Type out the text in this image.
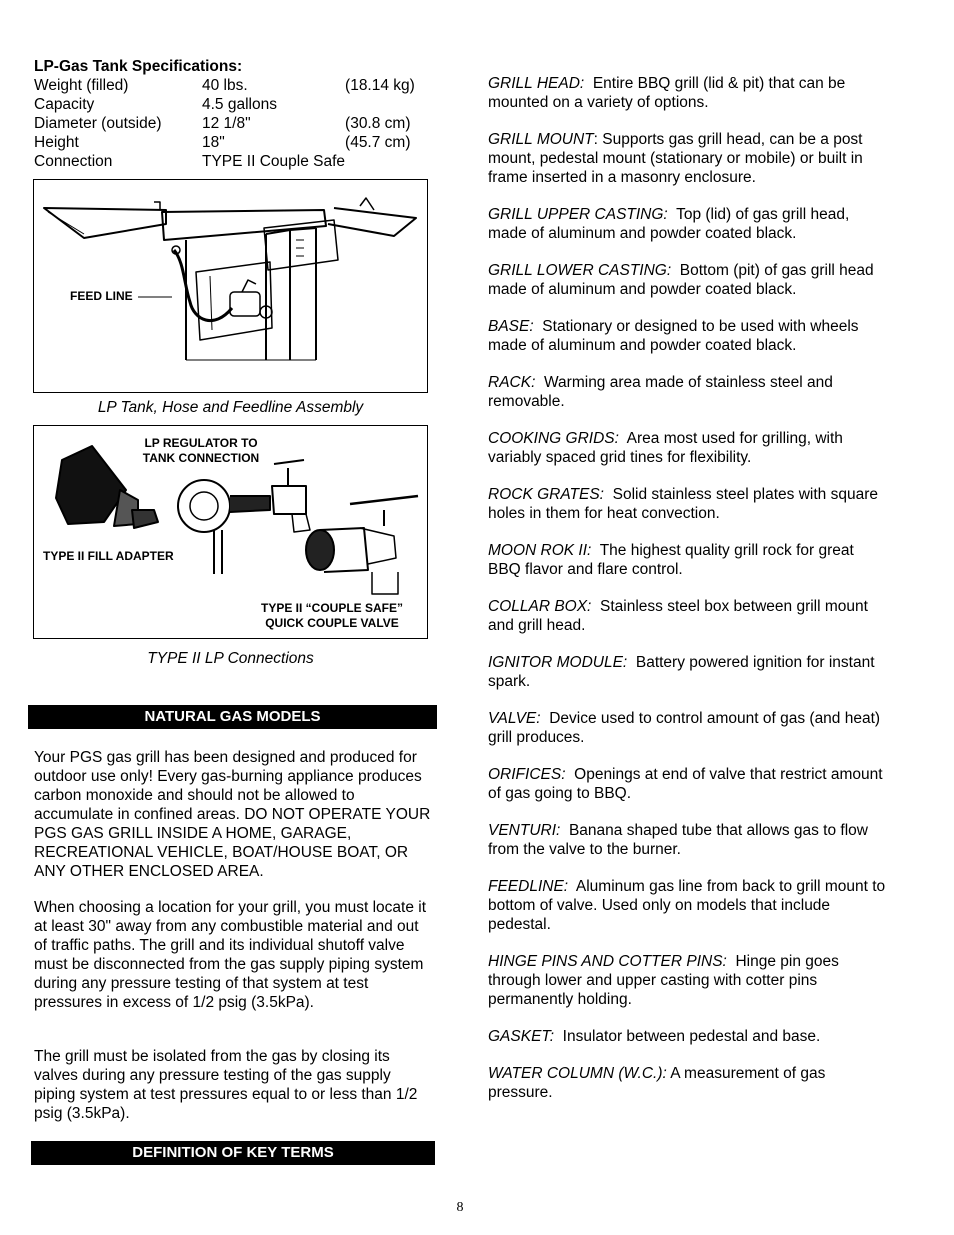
LP-Gas Tank Specifications:
Weight (filled)	40 lbs.	(18.14 kg)
Capacity	4.5 gallons	
Diameter (outside)	12 1/8"	(30.8 cm)
Height	18"	(45.7 cm)
Connection	TYPE II Couple Safe	
FEED LINE
LP Tank, Hose and Feedline Assembly
LP REGULATOR TO
TANK CONNECTION
TYPE II FILL ADAPTER
TYPE II “COUPLE SAFE”
QUICK COUPLE VALVE
TYPE II LP Connections
NATURAL GAS MODELS
Your PGS gas grill has been designed and produced for outdoor use only! Every gas-burning appliance produces carbon monoxide and should not be allowed to accumulate in confined areas. DO NOT OPERATE YOUR PGS GAS GRILL INSIDE A HOME, GARAGE, RECREATIONAL VEHICLE, BOAT/HOUSE BOAT, OR ANY OTHER ENCLOSED AREA.
When choosing a location for your grill, you must locate it at least 30" away from any combustible material and out of traffic paths. The grill and its individual shutoff valve must be disconnected from the gas supply piping system during any pressure testing of that system at test pressures in excess of 1/2 psig (3.5kPa).
The grill must be isolated from the gas by closing its valves during any pressure testing of the gas supply piping system at test pressures equal to or less than 1/2 psig (3.5kPa).
DEFINITION OF KEY TERMS

GRILL HEAD: Entire BBQ grill (lid & pit) that can be mounted on a variety of options.

GRILL MOUNT: Supports gas grill head, can be a post mount, pedestal mount (stationary or mobile) or built in frame inserted in a masonry enclosure.

GRILL UPPER CASTING: Top (lid) of gas grill head, made of aluminum and powder coated black.

GRILL LOWER CASTING: Bottom (pit) of gas grill head made of aluminum and powder coated black.

BASE: Stationary or designed to be used with wheels made of aluminum and powder coated black.

RACK: Warming area made of stainless steel and removable.

COOKING GRIDS: Area most used for grilling, with variably spaced grid tines for flexibility.

ROCK GRATES: Solid stainless steel plates with square holes in them for heat convection.

MOON ROK II: The highest quality grill rock for great BBQ flavor and flare control.

COLLAR BOX: Stainless steel box between grill mount and grill head.

IGNITOR MODULE: Battery powered ignition for instant spark.

VALVE: Device used to control amount of gas (and heat) grill produces.

ORIFICES: Openings at end of valve that restrict amount of gas going to BBQ.

VENTURI: Banana shaped tube that allows gas to flow from the valve to the burner.

FEEDLINE: Aluminum gas line from back to grill mount to bottom of valve. Used only on models that include pedestal.

HINGE PINS AND COTTER PINS: Hinge pin goes through lower and upper casting with cotter pins permanently holding.

GASKET: Insulator between pedestal and base.

WATER COLUMN (W.C.): A measurement of gas pressure.

8
